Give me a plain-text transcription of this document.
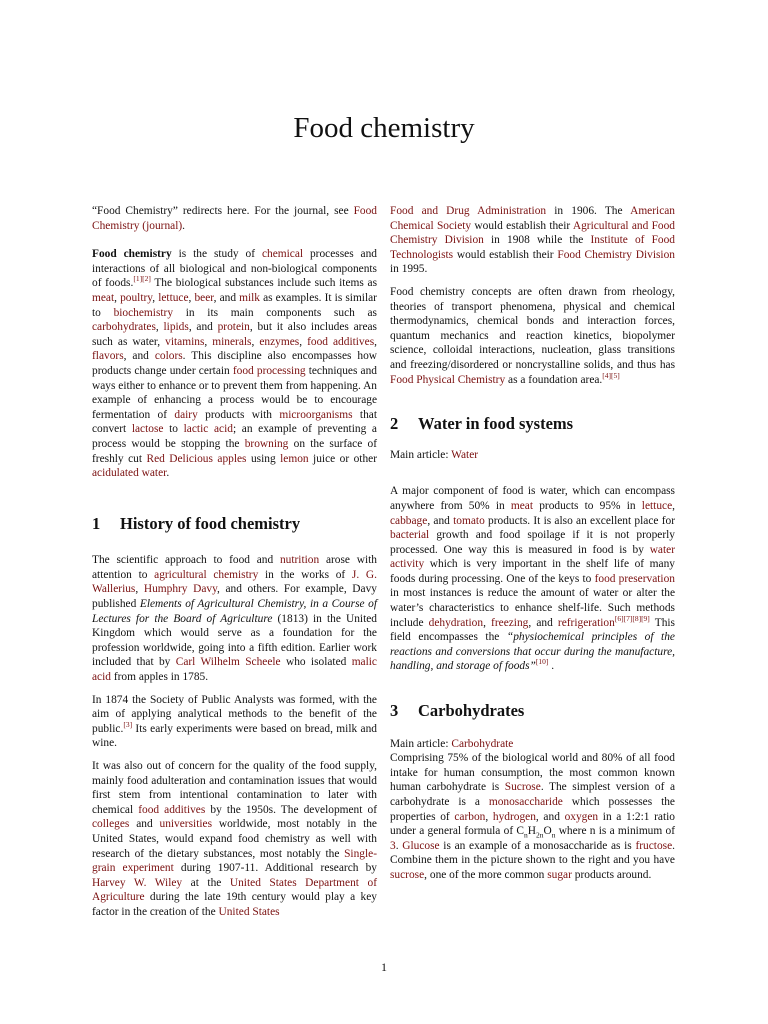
Food chemistry

“Food Chemistry” redirects here. For the journal, see Food Chemistry (journal).

Food chemistry is the study of chemical processes and interactions of all biological and non-biological components of foods.[1][2] The biological substances include such items as meat, poultry, lettuce, beer, and milk as examples. It is similar to biochemistry in its main components such as carbohydrates, lipids, and protein, but it also includes areas such as water, vitamins, minerals, enzymes, food additives, flavors, and colors. This discipline also encompasses how products change under certain food processing techniques and ways either to enhance or to prevent them from happening. An example of enhancing a process would be to encourage fermentation of dairy products with microorganisms that convert lactose to lactic acid; an example of preventing a process would be stopping the browning on the surface of freshly cut Red Delicious apples using lemon juice or other acidulated water.

1 History of food chemistry

The scientific approach to food and nutrition arose with attention to agricultural chemistry in the works of J. G. Wallerius, Humphry Davy, and others. For example, Davy published Elements of Agricultural Chemistry, in a Course of Lectures for the Board of Agriculture (1813) in the United Kingdom which would serve as a foundation for the profession worldwide, going into a fifth edition. Earlier work included that by Carl Wilhelm Scheele who isolated malic acid from apples in 1785.

In 1874 the Society of Public Analysts was formed, with the aim of applying analytical methods to the benefit of the public.[3] Its early experiments were based on bread, milk and wine.

It was also out of concern for the quality of the food supply, mainly food adulteration and contamination issues that would first stem from intentional contamination to later with chemical food additives by the 1950s. The development of colleges and universities worldwide, most notably in the United States, would expand food chemistry as well with research of the dietary substances, most notably the Single-grain experiment during 1907-11. Additional research by Harvey W. Wiley at the United States Department of Agriculture during the late 19th century would play a key factor in the creation of the United States

Food and Drug Administration in 1906. The American Chemical Society would establish their Agricultural and Food Chemistry Division in 1908 while the Institute of Food Technologists would establish their Food Chemistry Division in 1995.

Food chemistry concepts are often drawn from rheology, theories of transport phenomena, physical and chemical thermodynamics, chemical bonds and interaction forces, quantum mechanics and reaction kinetics, biopolymer science, colloidal interactions, nucleation, glass transitions and freezing/disordered or noncrystalline solids, and thus has Food Physical Chemistry as a foundation area.[4][5]

2 Water in food systems

Main article: Water

A major component of food is water, which can encompass anywhere from 50% in meat products to 95% in lettuce, cabbage, and tomato products. It is also an excellent place for bacterial growth and food spoilage if it is not properly processed. One way this is measured in food is by water activity which is very important in the shelf life of many foods during processing. One of the keys to food preservation in most instances is reduce the amount of water or alter the water’s characteristics to enhance shelf-life. Such methods include dehydration, freezing, and refrigeration[6][7][8][9] This field encompasses the “physiochemical principles of the reactions and conversions that occur during the manufacture, handling, and storage of foods”[10] .

3 Carbohydrates

Main article: Carbohydrate

Comprising 75% of the biological world and 80% of all food intake for human consumption, the most common known human carbohydrate is Sucrose. The simplest version of a carbohydrate is a monosaccharide which possesses the properties of carbon, hydrogen, and oxygen in a 1:2:1 ratio under a general formula of $C_nH_{2n}O_n$ where n is a minimum of 3. Glucose is an example of a monosaccharide as is fructose. Combine them in the picture shown to the right and you have sucrose, one of the more common sugar products around.

1
